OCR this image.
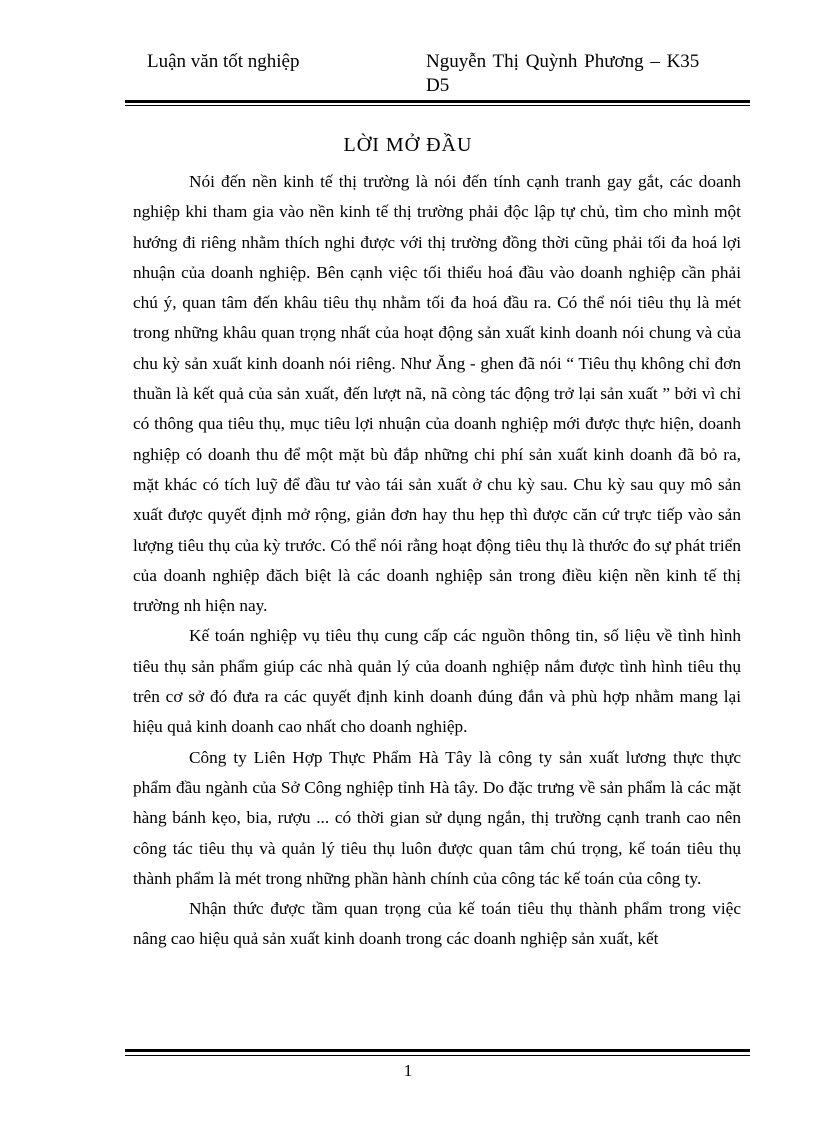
Luận văn tốt nghiệp	Nguyễn Thị Quỳnh Phương – K35
D5

LỜI MỞ ĐẦU

Nói đến nền kinh tế thị trường là nói đến tính cạnh tranh gay gắt, các doanh nghiệp khi tham gia vào nền kinh tế thị trường phải độc lập tự chủ, tìm cho mình một hướng đi riêng nhằm thích nghi được với thị trường đồng thời cũng phải tối đa hoá lợi nhuận của doanh nghiệp. Bên cạnh việc tối thiểu hoá đầu vào doanh nghiệp cần phải chú ý, quan tâm đến khâu tiêu thụ nhằm tối đa hoá đầu ra. Có thể nói tiêu thụ là mét trong những khâu quan trọng nhất của hoạt động sản xuất kinh doanh nói chung và của chu kỳ sản xuất kinh doanh nói riêng. Như Ăng - ghen đã nói “ Tiêu thụ không chỉ đơn thuần là kết quả của sản xuất, đến lượt nã, nã còng tác động trở lại sản xuất ” bởi vì chỉ có thông qua tiêu thụ, mục tiêu lợi nhuận của doanh nghiệp mới được thực hiện, doanh nghiệp có doanh thu để một mặt bù đắp những chi phí sản xuất kinh doanh đã bỏ ra, mặt khác có tích luỹ để đầu tư vào tái sản xuất ở chu kỳ sau. Chu kỳ sau quy mô sản xuất được quyết định mở rộng, giản đơn hay thu hẹp thì được căn cứ trực tiếp vào sản lượng tiêu thụ của kỳ trước. Có thể nói rằng hoạt động tiêu thụ là thước đo sự phát triển của doanh nghiệp đăch biệt là các doanh nghiệp sản trong điều kiện nền kinh tế thị trường nh hiện nay.

Kế toán nghiệp vụ tiêu thụ cung cấp các nguồn thông tin, số liệu về tình hình tiêu thụ sản phẩm giúp các nhà quản lý của doanh nghiệp nắm được tình hình tiêu thụ trên cơ sở đó đưa ra các quyết định kinh doanh đúng đắn và phù hợp nhằm mang lại hiệu quả kinh doanh cao nhất cho doanh nghiệp.

Công ty Liên Hợp Thực Phẩm Hà Tây là công ty sản xuất lương thực thực phẩm đầu ngành của Sở Công nghiệp tỉnh Hà tây. Do đặc trưng về sản phẩm là các mặt hàng bánh kẹo, bia, rượu ... có thời gian sử dụng ngắn, thị trường cạnh tranh cao nên công tác tiêu thụ và quản lý tiêu thụ luôn được quan tâm chú trọng, kế toán tiêu thụ thành phẩm là mét trong những phần hành chính của công tác kế toán của công ty.

Nhận thức được tầm quan trọng của kế toán tiêu thụ thành phẩm trong việc nâng cao hiệu quả sản xuất kinh doanh trong các doanh nghiệp sản xuất, kết

1
